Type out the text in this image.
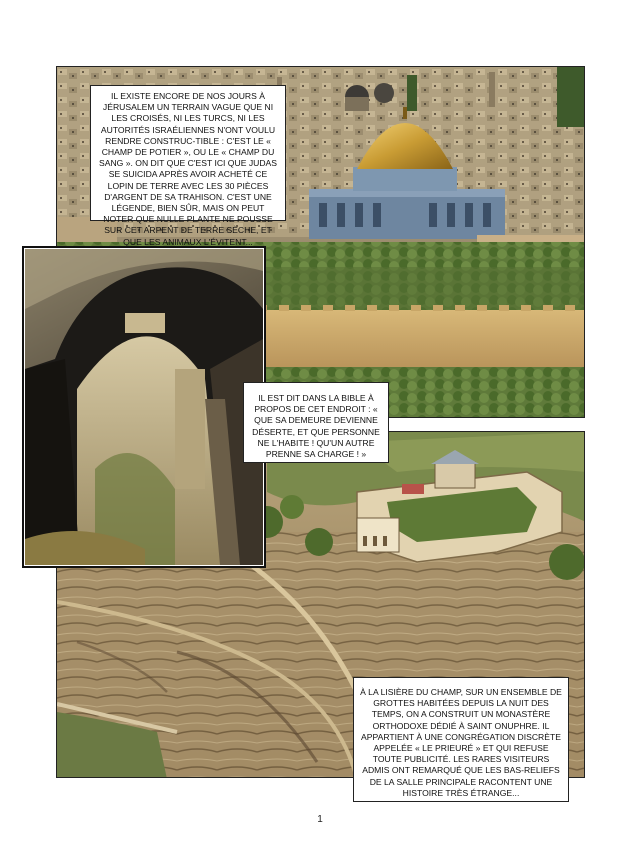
IL EXISTE ENCORE DE NOS JOURS À JÉRUSALEM UN TERRAIN VAGUE QUE NI LES CROISÉS, NI LES TURCS, NI LES AUTORITÉS ISRAÉLIENNES N'ONT VOULU RENDRE CONSTRUC-TIBLE : C'EST LE « CHAMP DE POTIER », OU LE « CHAMP DU SANG ». ON DIT QUE C'EST ICI QUE JUDAS SE SUICIDA APRÈS AVOIR ACHETÉ CE LOPIN DE TERRE AVEC LES 30 PIÈCES D'ARGENT DE SA TRAHISON. C'EST UNE LÉGENDE, BIEN SÛR, MAIS ON PEUT NOTER QUE NULLE PLANTE NE POUSSE SUR CET ARPENT DE TERRE SÈCHE, ET QUE LES ANIMAUX L'ÉVITENT...
IL EST DIT DANS LA BIBLE À PROPOS DE CET ENDROIT : « QUE SA DEMEURE DEVIENNE DÉSERTE, ET QUE PERSONNE NE L'HABITE ! QU'UN AUTRE PRENNE SA CHARGE ! »
À LA LISIÈRE DU CHAMP, SUR UN ENSEMBLE DE GROTTES HABITÉES DEPUIS LA NUIT DES TEMPS, ON A CONSTRUIT UN MONASTÈRE ORTHODOXE DÉDIÉ À SAINT ONUPHRE. IL APPARTIENT À UNE CONGRÉGATION DISCRÈTE APPELÉE « LE PRIEURÉ » ET QUI REFUSE TOUTE PUBLICITÉ. LES RARES VISITEURS ADMIS ONT REMARQUÉ QUE LES BAS-RELIEFS DE LA SALLE PRINCIPALE RACONTENT UNE HISTOIRE TRÈS ÉTRANGE...
1
